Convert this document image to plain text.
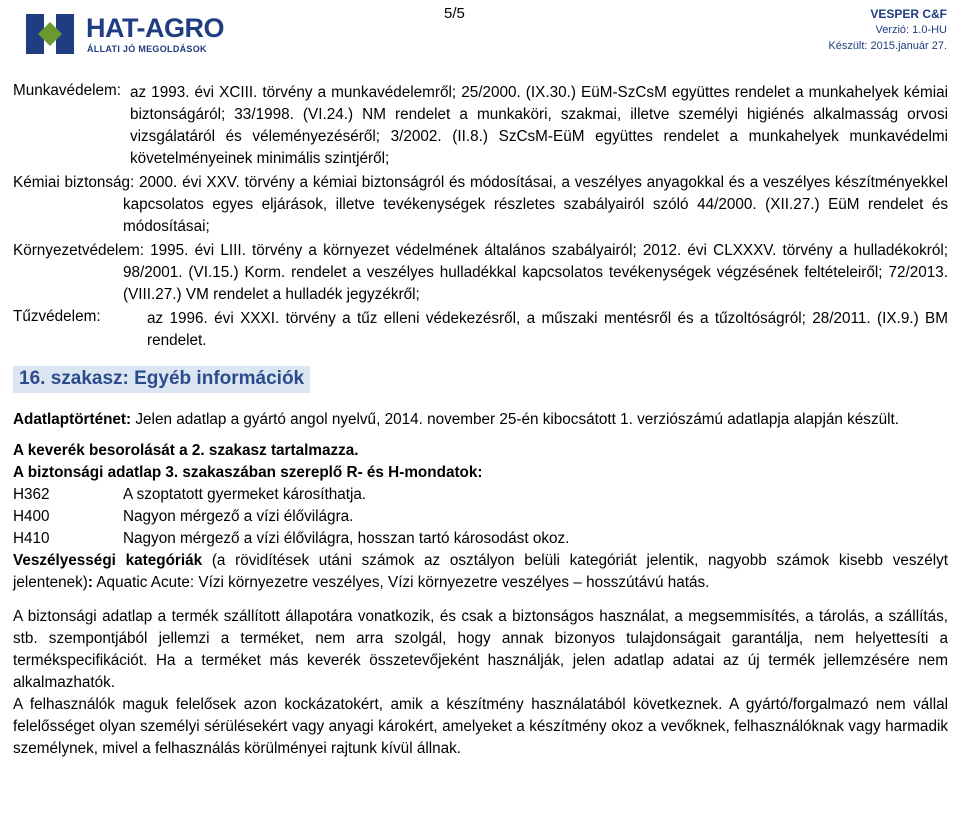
HAT-AGRO
ÁLLATI JÓ MEGOLDÁSOK
5/5	VESPER C&F
Verzió: 1.0-HU
Készült: 2015.január 27.
Munkavédelem: az 1993. évi XCIII. törvény a munkavédelemről; 25/2000. (IX.30.) EüM-SzCsM együttes rendelet a munkahelyek kémiai biztonságáról; 33/1998. (VI.24.) NM rendelet a munkaköri, szakmai, illetve személyi higiénés alkalmasság orvosi vizsgálatáról és véleményezéséről; 3/2002. (II.8.) SzCsM-EüM együttes rendelet a munkahelyek munkavédelmi követelményeinek minimális szintjéről;
Kémiai biztonság: 2000. évi XXV. törvény a kémiai biztonságról és módosításai, a veszélyes anyagokkal és a veszélyes készítményekkel kapcsolatos egyes eljárások, illetve tevékenységek részletes szabályairól szóló 44/2000. (XII.27.) EüM rendelet és módosításai;
Környezetvédelem: 1995. évi LIII. törvény a környezet védelmének általános szabályairól; 2012. évi CLXXXV. törvény a hulladékokról; 98/2001. (VI.15.) Korm. rendelet a veszélyes hulladékkal kapcsolatos tevékenységek végzésének feltételeiről; 72/2013. (VIII.27.) VM rendelet a hulladék jegyzékről;
Tűzvédelem:	az 1996. évi XXXI. törvény a tűz elleni védekezésről, a műszaki mentésről és a tűzoltóságról; 28/2011. (IX.9.) BM rendelet.
16. szakasz: Egyéb információk

Adatlaptörténet: Jelen adatlap a gyártó angol nyelvű, 2014. november 25-én kibocsátott 1. verziószámú adatlapja alapján készült.

A keverék besorolását a 2. szakasz tartalmazza.

A biztonsági adatlap 3. szakaszában szereplő R- és H-mondatok:

H362	A szoptatott gyermeket károsíthatja.
H400	Nagyon mérgező a vízi élővilágra.
H410	Nagyon mérgező a vízi élővilágra, hosszan tartó károsodást okoz.

Veszélyességi kategóriák (a rövidítések utáni számok az osztályon belüli kategóriát jelentik, nagyobb számok kisebb veszélyt jelentenek): Aquatic Acute: Vízi környezetre veszélyes, Vízi környezetre veszélyes – hosszútávú hatás.

A biztonsági adatlap a termék szállított állapotára vonatkozik, és csak a biztonságos használat, a megsemmisítés, a tárolás, a szállítás, stb. szempontjából jellemzi a terméket, nem arra szolgál, hogy annak bizonyos tulajdonságait garantálja, nem helyettesíti a termékspecifikációt. Ha a terméket más keverék összetevőjeként használják, jelen adatlap adatai az új termék jellemzésére nem alkalmazhatók.

A felhasználók maguk felelősek azon kockázatokért, amik a készítmény használatából következnek. A gyártó/forgalmazó nem vállal felelősséget olyan személyi sérülésekért vagy anyagi károkért, amelyeket a készítmény okoz a vevőknek, felhasználóknak vagy harmadik személynek, mivel a felhasználás körülményei rajtunk kívül állnak.
